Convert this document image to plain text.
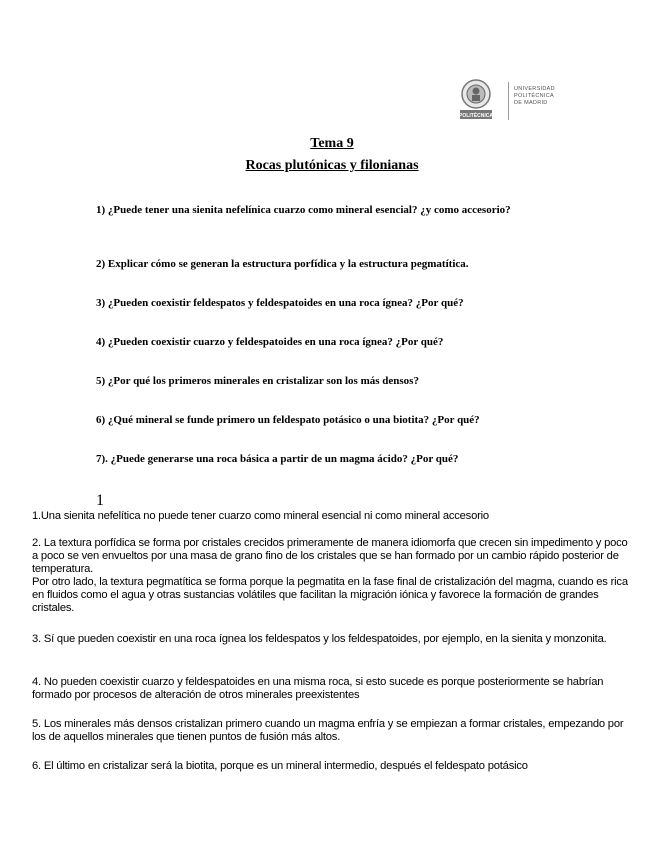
POLITÉCNICA
UNIVERSIDAD
POLITÉCNICA
DE MADRID
Tema 9
Rocas plutónicas y filonianas
1) ¿Puede tener una sienita nefelínica cuarzo como mineral esencial? ¿y como accesorio?
2) Explicar cómo se generan la estructura porfídica y la estructura pegmatítica.
3) ¿Pueden coexistir feldespatos y feldespatoides en una roca ígnea? ¿Por qué?
4) ¿Pueden coexistir cuarzo y feldespatoides en una roca ígnea? ¿Por qué?
5) ¿Por qué los primeros minerales en cristalizar son los más densos?
6) ¿Qué mineral se funde primero un feldespato potásico o una biotita? ¿Por qué?
7). ¿Puede generarse una roca básica a partir de un magma ácido? ¿Por qué?
1

1.Una sienita nefelítica no puede tener cuarzo como mineral esencial ni como mineral accesorio

2. La textura porfídica se forma por cristales crecidos primeramente de manera idiomorfa que crecen sin impedimento y poco a poco se ven envueltos por una masa de grano fino de los cristales que se han formado por un cambio rápido posterior de temperatura.

Por otro lado, la textura pegmatítica se forma porque la pegmatita en la fase final de cristalización del magma, cuando es rica en fluidos como el agua y otras sustancias volátiles que facilitan la migración iónica y favorece la formación de grandes cristales.

3. Sí que pueden coexistir en una roca ígnea los feldespatos y los feldespatoides, por ejemplo, en la sienita y monzonita.

4. No pueden coexistir cuarzo y feldespatoides en una misma roca, si esto sucede es porque posteriormente se habrían formado por procesos de alteración de otros minerales preexistentes

5. Los minerales más densos cristalizan primero cuando un magma enfría y se empiezan a formar cristales, empezando por los de aquellos minerales que tienen puntos de fusión más altos.

6. El último en cristalizar será la biotita, porque es un mineral intermedio, después el feldespato potásico
